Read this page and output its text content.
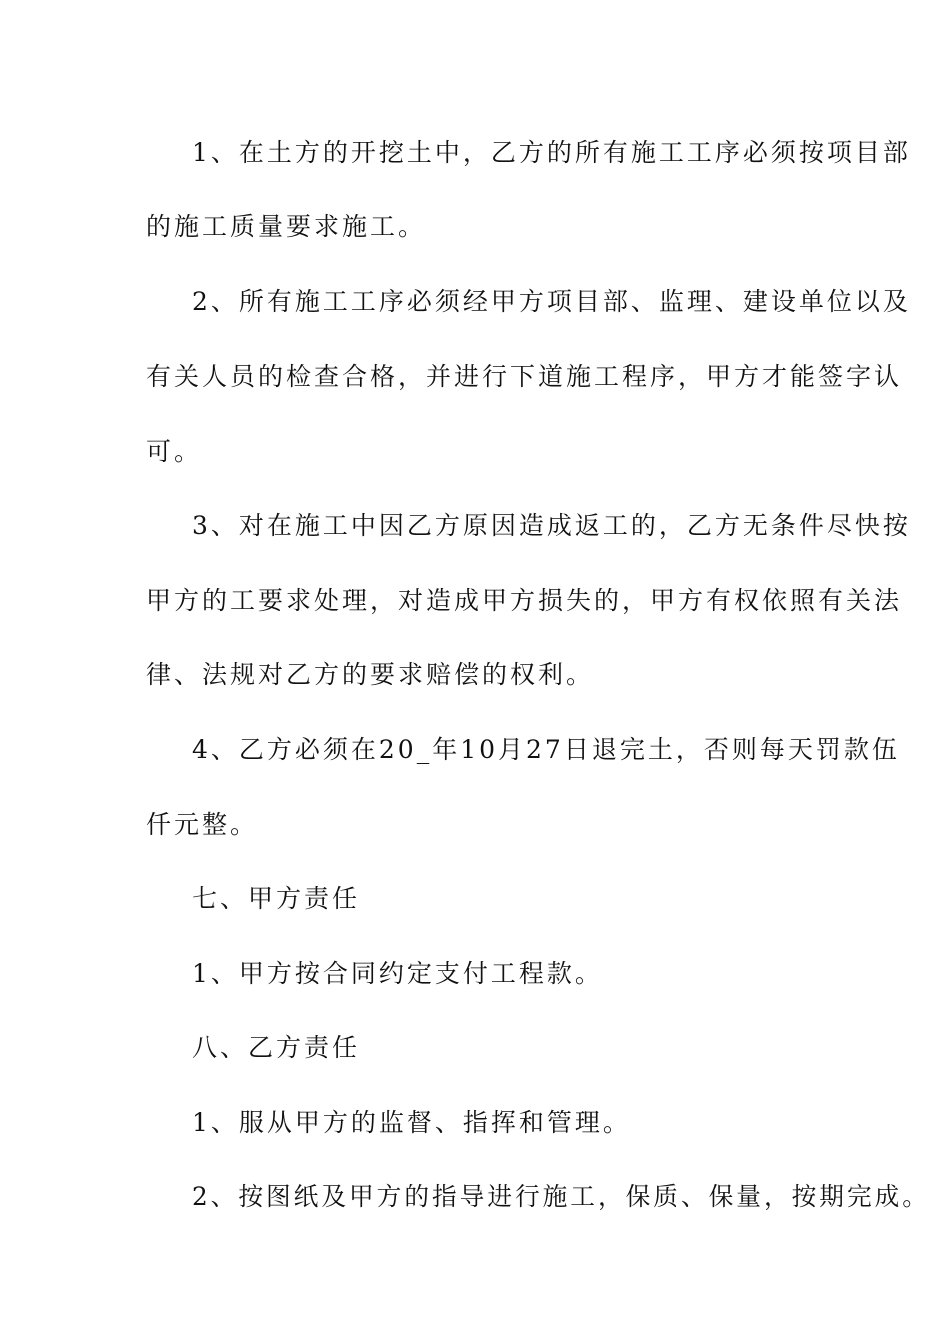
1、在土方的开挖土中，乙方的所有施工工序必须按项目部
的施工质量要求施工。
2、所有施工工序必须经甲方项目部、监理、建设单位以及
有关人员的检查合格，并进行下道施工程序，甲方才能签字认
可。
3、对在施工中因乙方原因造成返工的，乙方无条件尽快按
甲方的工要求处理，对造成甲方损失的，甲方有权依照有关法
律、法规对乙方的要求赔偿的权利。
4、乙方必须在20_年10月27日退完土，否则每天罚款伍
仟元整。
七、甲方责任
1、甲方按合同约定支付工程款。
八、乙方责任
1、服从甲方的监督、指挥和管理。
2、按图纸及甲方的指导进行施工，保质、保量，按期完成。
